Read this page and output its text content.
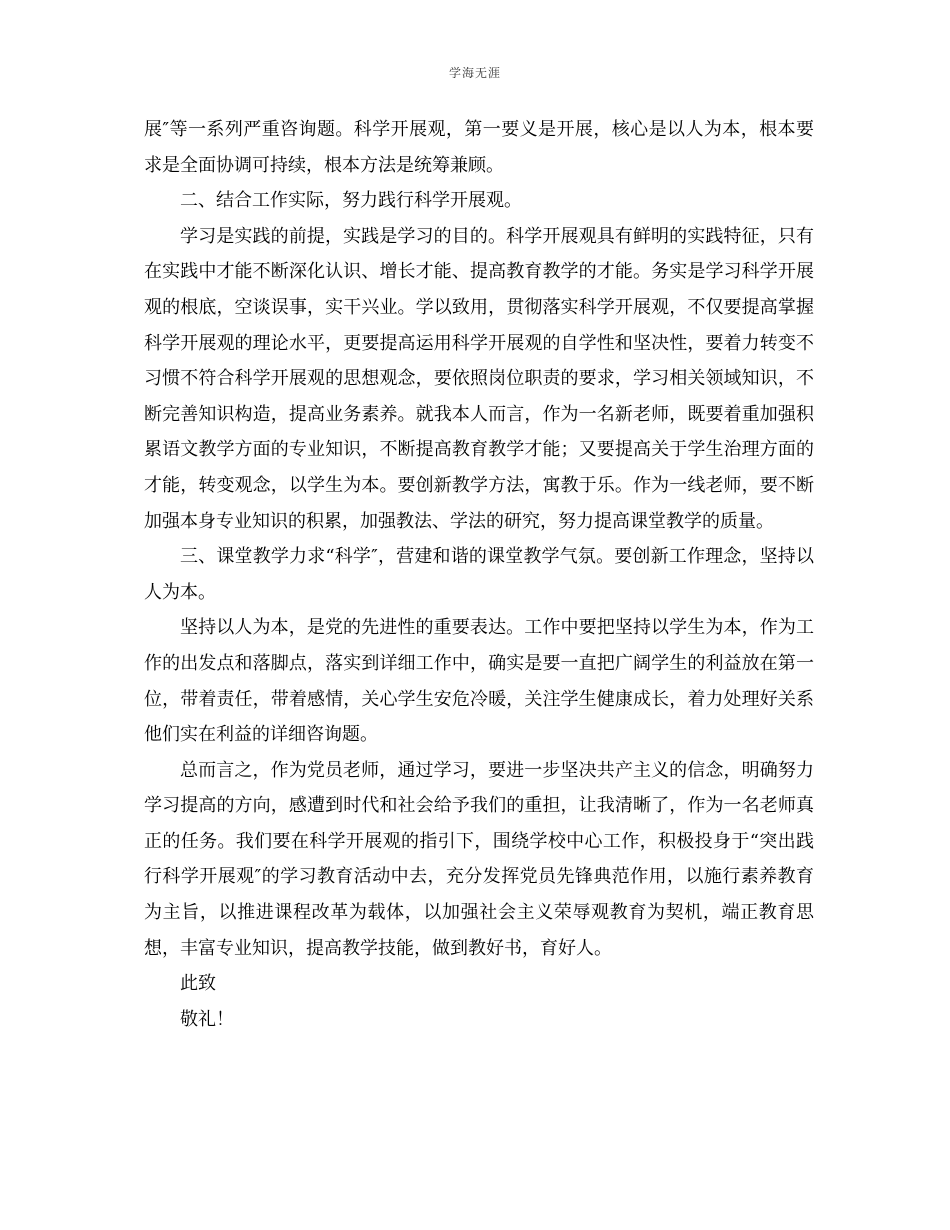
学海无涯

展″等一系列严重咨询题。科学开展观，第一要义是开展，核心是以人为本，根本要求是全面协调可持续，根本方法是统筹兼顾。

二、结合工作实际，努力践行科学开展观。

学习是实践的前提，实践是学习的目的。科学开展观具有鲜明的实践特征，只有在实践中才能不断深化认识、增长才能、提高教育教学的才能。务实是学习科学开展观的根底，空谈误事，实干兴业。学以致用，贯彻落实科学开展观，不仅要提高掌握科学开展观的理论水平，更要提高运用科学开展观的自学性和坚决性，要着力转变不习惯不符合科学开展观的思想观念，要依照岗位职责的要求，学习相关领域知识，不断完善知识构造，提高业务素养。就我本人而言，作为一名新老师，既要着重加强积累语文教学方面的专业知识，不断提高教育教学才能；又要提高关于学生治理方面的才能，转变观念，以学生为本。要创新教学方法，寓教于乐。作为一线老师，要不断加强本身专业知识的积累，加强教法、学法的研究，努力提高课堂教学的质量。

三、课堂教学力求“科学″，营建和谐的课堂教学气氛。要创新工作理念，坚持以人为本。

坚持以人为本，是党的先进性的重要表达。工作中要把坚持以学生为本，作为工作的出发点和落脚点，落实到详细工作中，确实是要一直把广阔学生的利益放在第一位，带着责任，带着感情，关心学生安危冷暖，关注学生健康成长，着力处理好关系他们实在利益的详细咨询题。

总而言之，作为党员老师，通过学习，要进一步坚决共产主义的信念，明确努力学习提高的方向，感遭到时代和社会给予我们的重担，让我清晰了，作为一名老师真正的任务。我们要在科学开展观的指引下，围绕学校中心工作，积极投身于“突出践行科学开展观″的学习教育活动中去，充分发挥党员先锋典范作用，以施行素养教育为主旨，以推进课程改革为载体，以加强社会主义荣辱观教育为契机，端正教育思想，丰富专业知识，提高教学技能，做到教好书，育好人。

此致

敬礼！
